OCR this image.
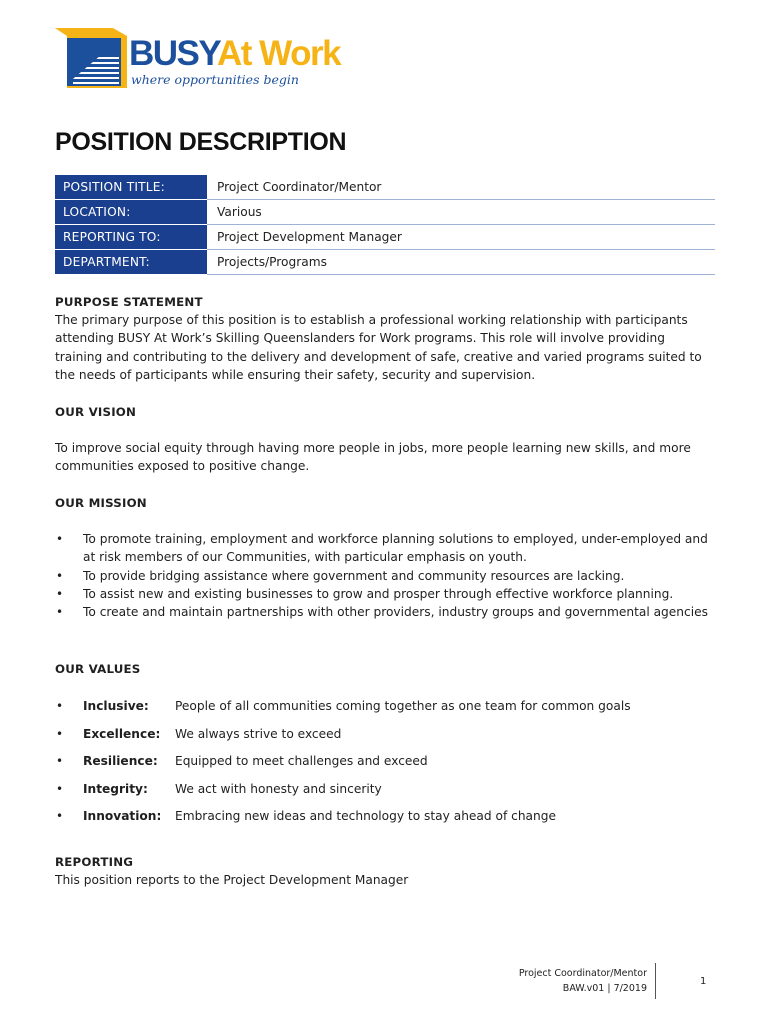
BUSYAt Work
where opportunities begin
POSITION DESCRIPTION
POSITION TITLE:	Project Coordinator/Mentor
LOCATION:	Various
REPORTING TO:	Project Development Manager
DEPARTMENT:	Projects/Programs
PURPOSE STATEMENT

The primary purpose of this position is to establish a professional working relationship with participants attending BUSY At Work’s Skilling Queenslanders for Work programs. This role will involve providing training and contributing to the delivery and development of safe, creative and varied programs suited to the needs of participants while ensuring their safety, security and supervision.

OUR VISION

To improve social equity through having more people in jobs, more people learning new skills, and more communities exposed to positive change.

OUR MISSION
• To promote training, employment and workforce planning solutions to employed, under-employed and at risk members of our Communities, with particular emphasis on youth.
• To provide bridging assistance where government and community resources are lacking.
• To assist new and existing businesses to grow and prosper through effective workforce planning.
• To create and maintain partnerships with other providers, industry groups and governmental agencies
OUR VALUES
• Inclusive:	People of all communities coming together as one team for common goals
• Excellence:	We always strive to exceed
• Resilience:	Equipped to meet challenges and exceed
• Integrity:	We act with honesty and sincerity
• Innovation:	Embracing new ideas and technology to stay ahead of change
REPORTING

This position reports to the Project Development Manager

Project Coordinator/Mentor
BAW.v01 | 7/2019
1
